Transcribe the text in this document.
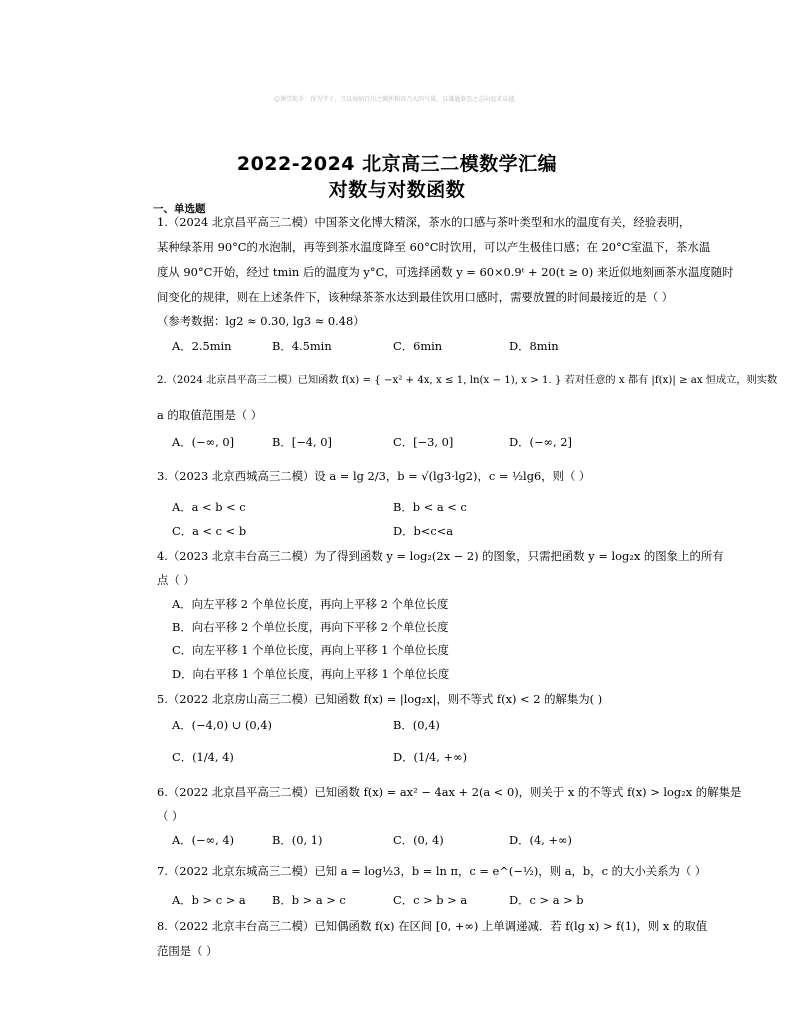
☺课堂助手：得为学子，当以海纳百川之胸怀和容乃大的气量，以谦逊姿态之志向追求卓越。
2022-2024 北京高三二模数学汇编
对数与对数函数
一、单选题
1.（2024 北京昌平高三二模）中国茶文化博大精深，茶水的口感与茶叶类型和水的温度有关，经验表明，
某种绿茶用 90°C的水泡制，再等到茶水温度降至 60°C时饮用，可以产生极佳口感；在 20°C室温下，茶水温
度从 90°C开始，经过 tmin 后的温度为 y°C，可选择函数 y = 60×0.9ᵗ + 20(t ≥ 0) 来近似地刻画茶水温度随时
间变化的规律，则在上述条件下，该种绿茶茶水达到最佳饮用口感时，需要放置的时间最接近的是（ ）
（参考数据：lg2 ≈ 0.30, lg3 ≈ 0.48）
A．2.5min	B．4.5min	C．6min	D．8min
2.（2024 北京昌平高三二模）已知函数 f(x) = { −x² + 4x, x ≤ 1, ln(x − 1), x > 1. } 若对任意的 x 都有 |f(x)| ≥ ax 恒成立，则实数
a 的取值范围是（ ）
A．(−∞, 0]	B．[−4, 0]	C．[−3, 0]	D．(−∞, 2]
3.（2023 北京西城高三二模）设 a = lg 2/3，b = √(lg3·lg2)，c = ½lg6，则（ ）
A．a < b < c	B．b < a < c
C．a < c < b	D．b<c<a
4.（2023 北京丰台高三二模）为了得到函数 y = log₂(2x − 2) 的图象，只需把函数 y = log₂x 的图象上的所有
点（ ）
A．向左平移 2 个单位长度，再向上平移 2 个单位长度
B．向右平移 2 个单位长度，再向下平移 2 个单位长度
C．向左平移 1 个单位长度，再向上平移 1 个单位长度
D．向右平移 1 个单位长度，再向上平移 1 个单位长度
5.（2022 北京房山高三二模）已知函数 f(x) = |log₂x|，则不等式 f(x) < 2 的解集为( )
A．(−4,0) ∪ (0,4)	B．(0,4)
C．(1/4, 4)	D．(1/4, +∞)
6.（2022 北京昌平高三二模）已知函数 f(x) = ax² − 4ax + 2(a < 0)，则关于 x 的不等式 f(x) > log₂x 的解集是
（ ）
A．(−∞, 4)	B．(0, 1)	C．(0, 4)	D．(4, +∞)
7.（2022 北京东城高三二模）已知 a = log½3，b = ln π，c = e^(−½)，则 a，b，c 的大小关系为（ ）
A．b > c > a B．b > a > c	C．c > b > a	D．c > a > b
8.（2022 北京丰台高三二模）已知偶函数 f(x) 在区间 [0, +∞) 上单调递减．若 f(lg x) > f(1)，则 x 的取值
范围是（ ）
